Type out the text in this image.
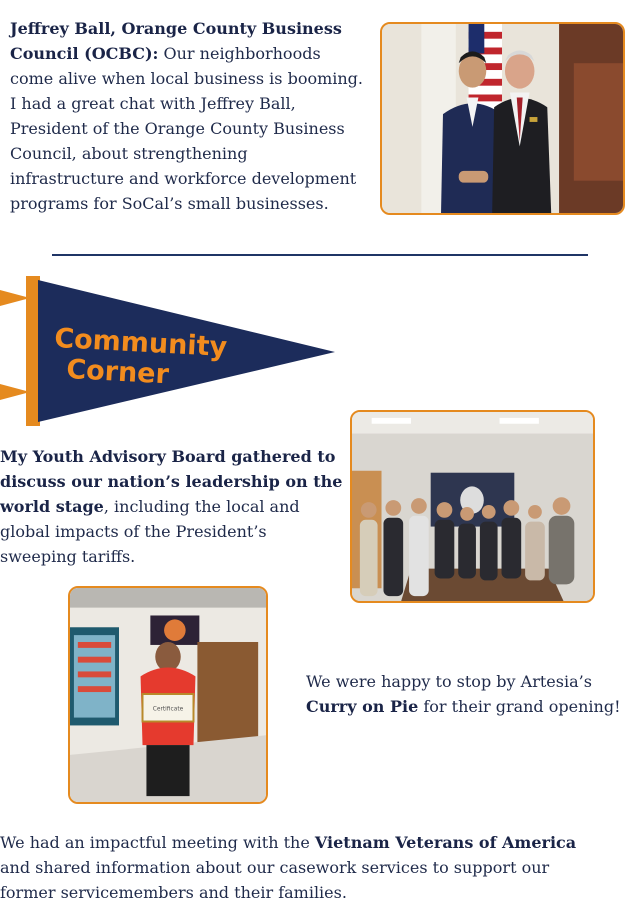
Jeffrey Ball, Orange County Business Council (OCBC): Our neighborhoods come alive when local business is booming. I had a great chat with Jeffrey Ball, President of the Orange County Business Council, about strengthening infrastructure and workforce development programs for SoCal’s small businesses.

Community
Corner

My Youth Advisory Board gathered to discuss our nation’s leadership on the world stage, including the local and global impacts of the President’s sweeping tariffs.

Certificate

We were happy to stop by Artesia’s Curry on Pie for their grand opening!

We had an impactful meeting with the Vietnam Veterans of America and shared information about our casework services to support our former servicemembers and their families.
